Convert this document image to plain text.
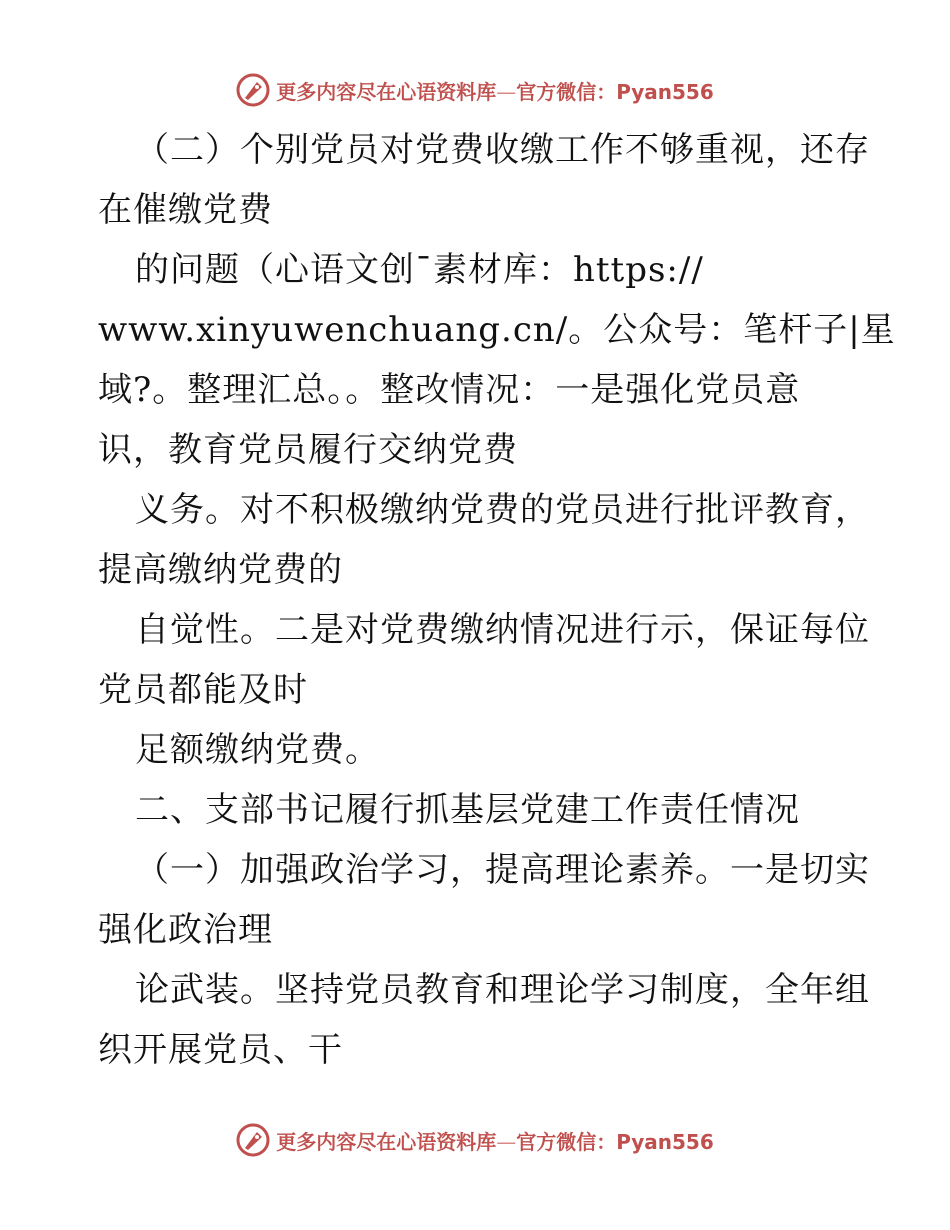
更多内容尽在心语资料库—官方微信：Pyan556
（二）个别党员对党费收缴工作不够重视，还存
在催缴党费
的问题（心语文创¯素材库：https://
www.xinyuwenchuang.cn/。公众号：笔杆子|星
域?。整理汇总。。整改情况：一是强化党员意
识，教育党员履行交纳党费
义务。对不积极缴纳党费的党员进行批评教育，
提高缴纳党费的
自觉性。二是对党费缴纳情况进行示，保证每位
党员都能及时
足额缴纳党费。
二、支部书记履行抓基层党建工作责任情况
（一）加强政治学习，提高理论素养。一是切实
强化政治理
论武装。坚持党员教育和理论学习制度，全年组
织开展党员、干
更多内容尽在心语资料库—官方微信：Pyan556
